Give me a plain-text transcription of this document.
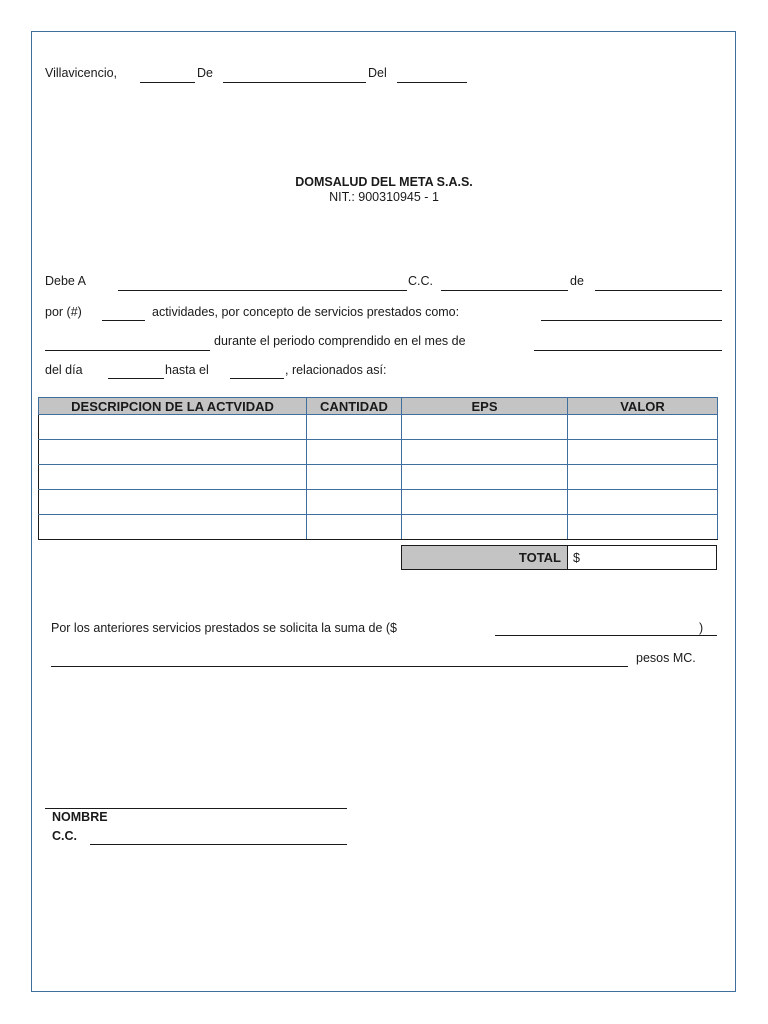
Villavicencio,	De	Del
DOMSALUD DEL META S.A.S.
NIT.: 900310945 - 1
Debe A	C.C.	de
por (#)	actividades, por concepto de servicios prestados como:
durante el periodo comprendido en el mes de
del día	hasta el	, relacionados así:
DESCRIPCION DE LA ACTVIDAD	CANTIDAD	EPS	VALOR

TOTAL $
Por los anteriores servicios prestados se solicita la suma de ($	)
pesos MC.
NOMBRE
C.C.
